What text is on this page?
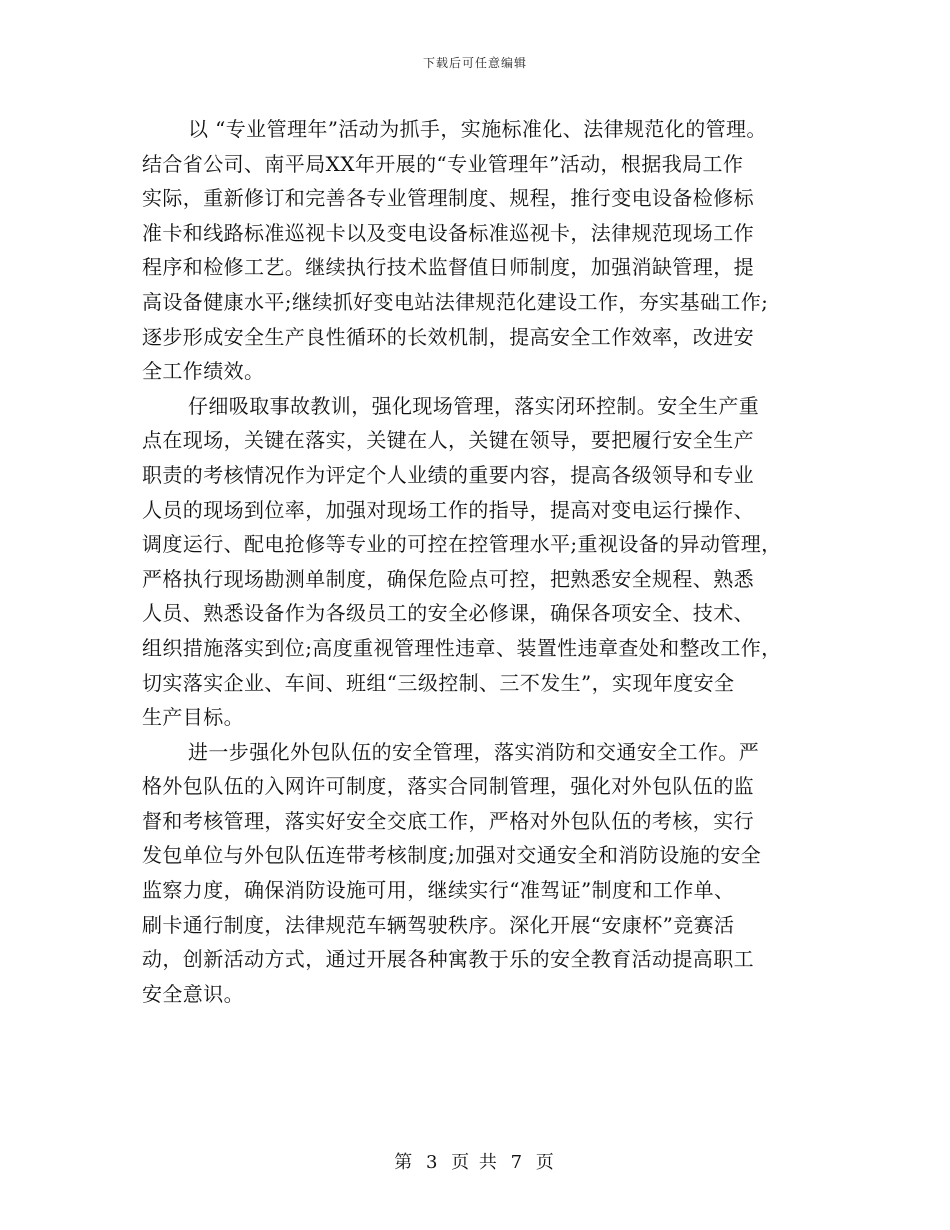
下载后可任意编辑
以 “专业管理年”活动为抓手，实施标准化、法律规范化的管理。
结合省公司、南平局XX年开展的“专业管理年”活动，根据我局工作
实际，重新修订和完善各专业管理制度、规程，推行变电设备检修标
准卡和线路标准巡视卡以及变电设备标准巡视卡，法律规范现场工作
程序和检修工艺。继续执行技术监督值日师制度，加强消缺管理，提
高设备健康水平;继续抓好变电站法律规范化建设工作，夯实基础工作;
逐步形成安全生产良性循环的长效机制，提高安全工作效率，改进安
全工作绩效。
仔细吸取事故教训，强化现场管理，落实闭环控制。安全生产重
点在现场，关键在落实，关键在人，关键在领导，要把履行安全生产
职责的考核情况作为评定个人业绩的重要内容，提高各级领导和专业
人员的现场到位率，加强对现场工作的指导，提高对变电运行操作、
调度运行、配电抢修等专业的可控在控管理水平;重视设备的异动管理，
严格执行现场勘测单制度，确保危险点可控，把熟悉安全规程、熟悉
人员、熟悉设备作为各级员工的安全必修课，确保各项安全、技术、
组织措施落实到位;高度重视管理性违章、装置性违章查处和整改工作，
切实落实企业、车间、班组“三级控制、三不发生”，实现年度安全
生产目标。
进一步强化外包队伍的安全管理，落实消防和交通安全工作。严
格外包队伍的入网许可制度，落实合同制管理，强化对外包队伍的监
督和考核管理，落实好安全交底工作，严格对外包队伍的考核，实行
发包单位与外包队伍连带考核制度;加强对交通安全和消防设施的安全
监察力度，确保消防设施可用，继续实行“准驾证”制度和工作单、
刷卡通行制度，法律规范车辆驾驶秩序。深化开展“安康杯”竞赛活
动，创新活动方式，通过开展各种寓教于乐的安全教育活动提高职工
安全意识。
第 3 页 共 7 页
